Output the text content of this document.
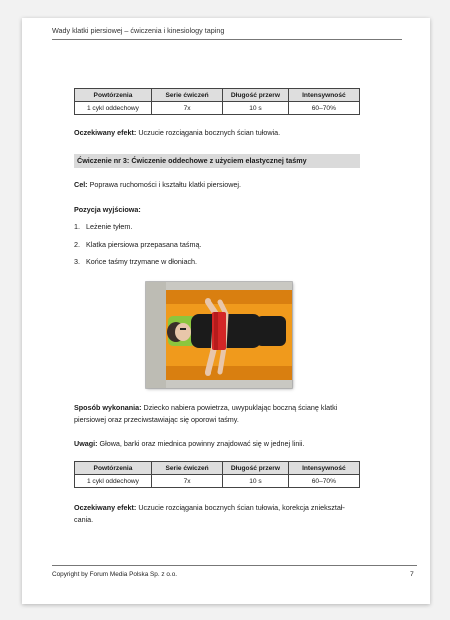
Wady klatki piersiowej – ćwiczenia i kinesiology taping
Powtórzenia	Serie ćwiczeń	Długość przerw	Intensywność
1 cykl oddechowy	7x	10 s	60–70%
Oczekiwany efekt: Uczucie rozciągania bocznych ścian tułowia.
Ćwiczenie nr 3: Ćwiczenie oddechowe z użyciem elastycznej taśmy
Cel: Poprawa ruchomości i kształtu klatki piersiowej.
Pozycja wyjściowa:
1. Leżenie tyłem.
2. Klatka piersiowa przepasana taśmą.
3. Końce taśmy trzymane w dłoniach.
Sposób wykonania: Dziecko nabiera powietrza, uwypuklając boczną ścianę klatki
piersiowej oraz przeciwstawiając się oporowi taśmy.
Uwagi: Głowa, barki oraz miednica powinny znajdować się w jednej linii.
Powtórzenia	Serie ćwiczeń	Długość przerw	Intensywność
1 cykl oddechowy	7x	10 s	60–70%
Oczekiwany efekt: Uczucie rozciągania bocznych ścian tułowia, korekcja zniekształ-
cania.
Copyright by Forum Media Polska Sp. z o.o.	7
